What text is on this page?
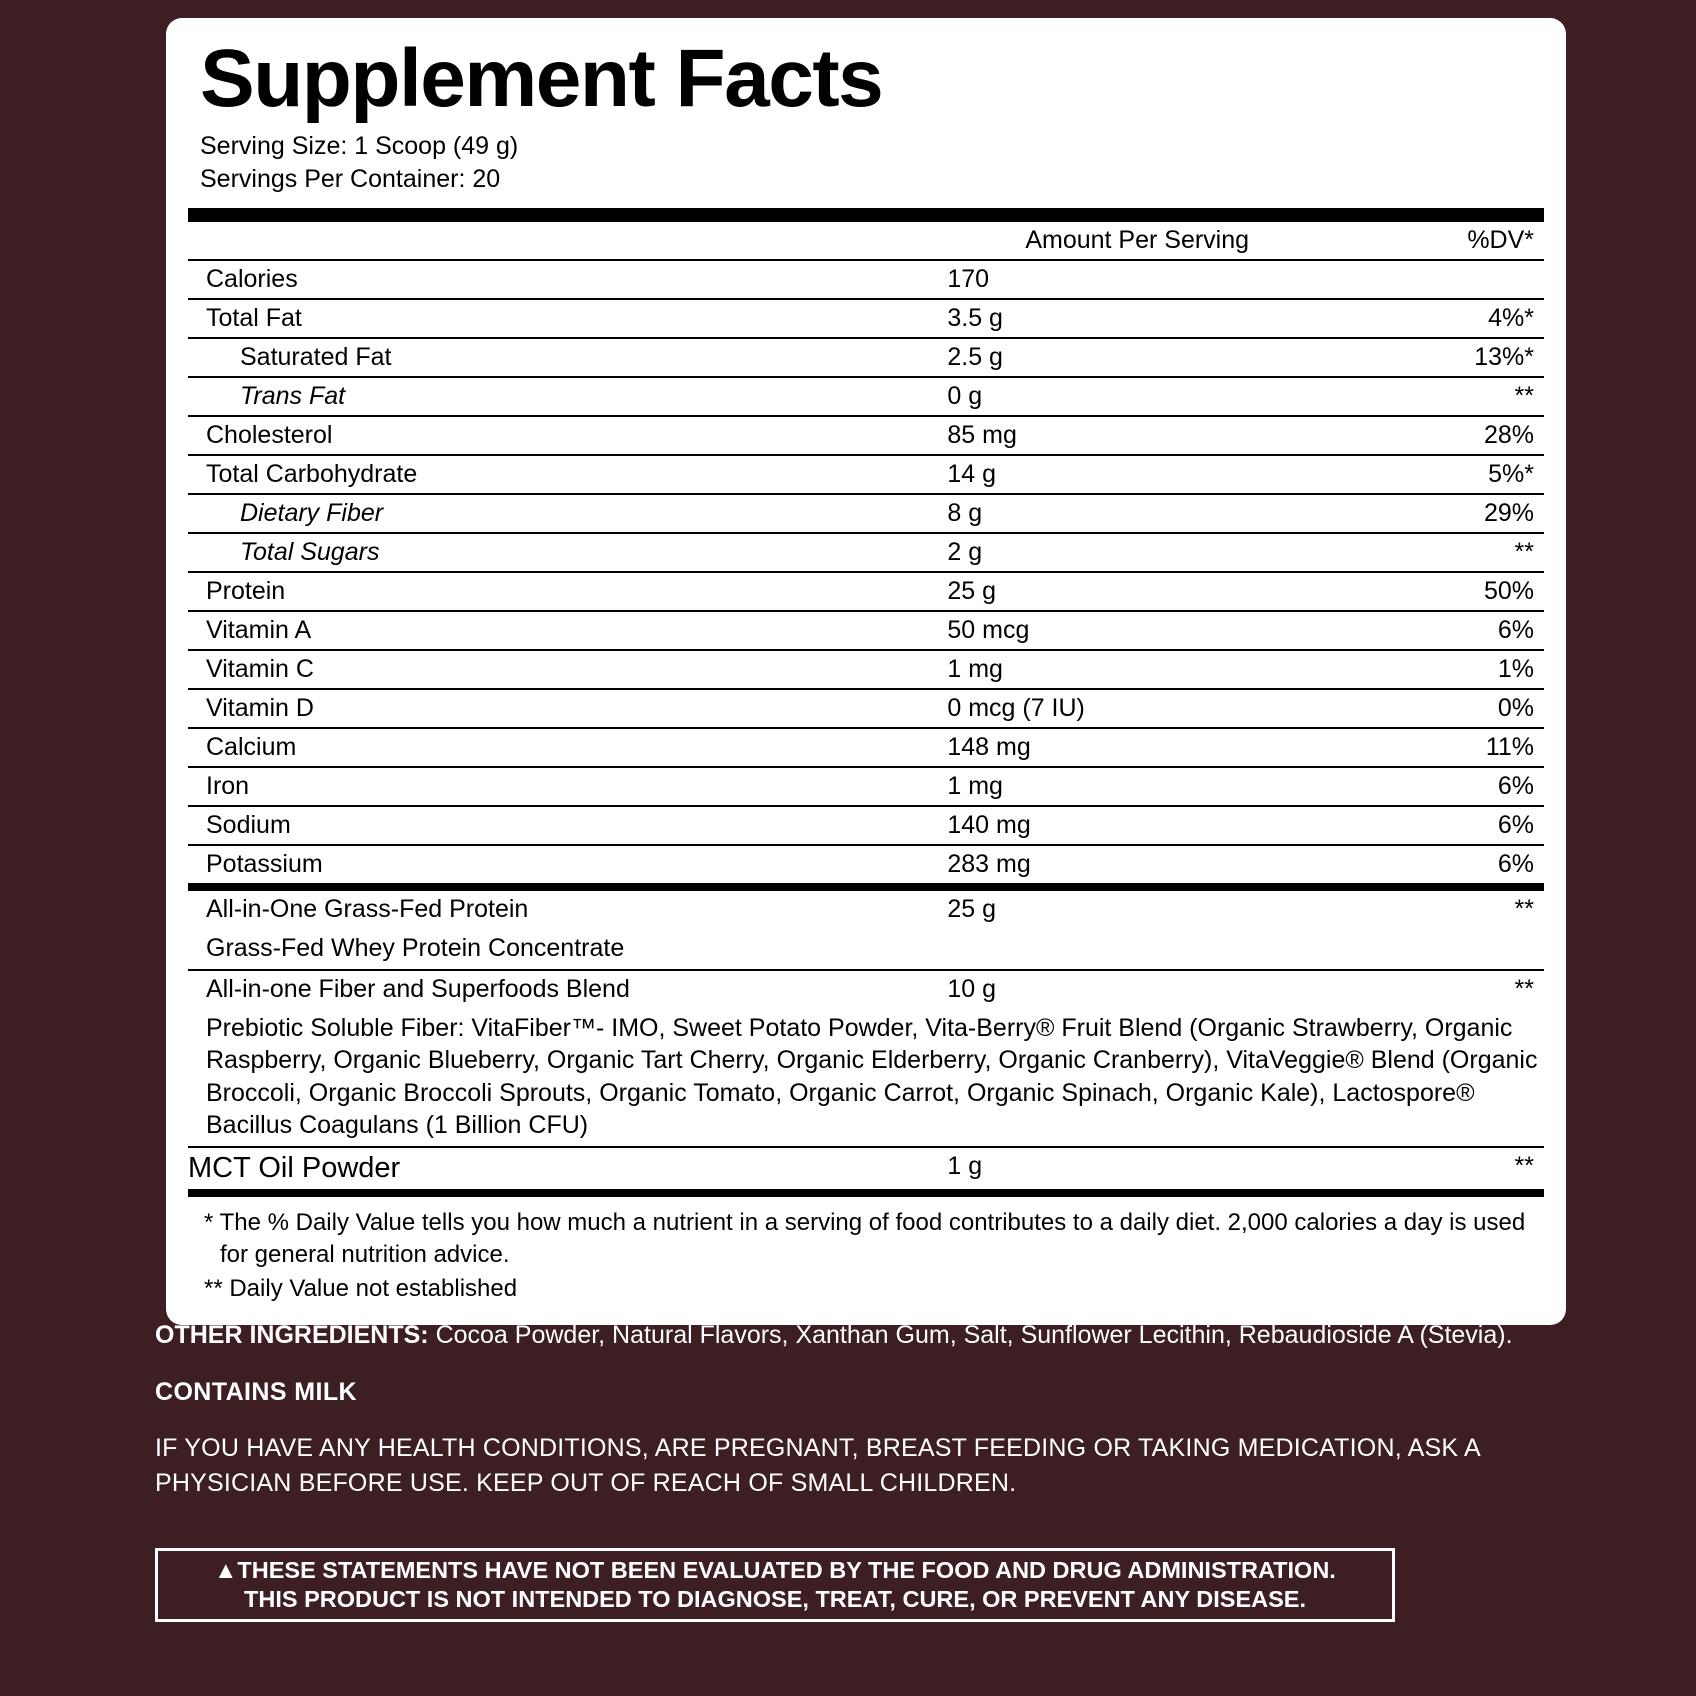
Supplement Facts
Serving Size: 1 Scoop (49 g)
Servings Per Container: 20
	Amount Per Serving	%DV*
Calories	170	
Total Fat	3.5 g	4%*
Saturated Fat	2.5 g	13%*
Trans Fat	0 g	**
Cholesterol	85 mg	28%
Total Carbohydrate	14 g	5%*
Dietary Fiber	8 g	29%
Total Sugars	2 g	**
Protein	25 g	50%
Vitamin A	50 mcg	6%
Vitamin C	1 mg	1%
Vitamin D	0 mcg (7 IU)	0%
Calcium	148 mg	11%
Iron	1 mg	6%
Sodium	140 mg	6%
Potassium	283 mg	6%
All-in-One Grass-Fed Protein	25 g	**
Grass-Fed Whey Protein Concentrate		
All-in-one Fiber and Superfoods Blend	10 g	**
Prebiotic Soluble Fiber: VitaFiber™- IMO, Sweet Potato Powder, Vita-Berry® Fruit Blend (Organic Strawberry, Organic Raspberry, Organic Blueberry, Organic Tart Cherry, Organic Elderberry, Organic Cranberry), VitaVeggie® Blend (Organic Broccoli, Organic Broccoli Sprouts, Organic Tomato, Organic Carrot, Organic Spinach, Organic Kale), Lactospore® Bacillus Coagulans (1 Billion CFU)		
MCT Oil Powder	1 g	**
* The % Daily Value tells you how much a nutrient in a serving of food contributes to a daily diet. 2,000 calories a day is used for general nutrition advice.
** Daily Value not established
OTHER INGREDIENTS: Cocoa Powder, Natural Flavors, Xanthan Gum, Salt, Sunflower Lecithin, Rebaudioside A (Stevia).
CONTAINS MILK
IF YOU HAVE ANY HEALTH CONDITIONS, ARE PREGNANT, BREAST FEEDING OR TAKING MEDICATION, ASK A PHYSICIAN BEFORE USE. KEEP OUT OF REACH OF SMALL CHILDREN.
▲THESE STATEMENTS HAVE NOT BEEN EVALUATED BY THE FOOD AND DRUG ADMINISTRATION.
THIS PRODUCT IS NOT INTENDED TO DIAGNOSE, TREAT, CURE, OR PREVENT ANY DISEASE.
